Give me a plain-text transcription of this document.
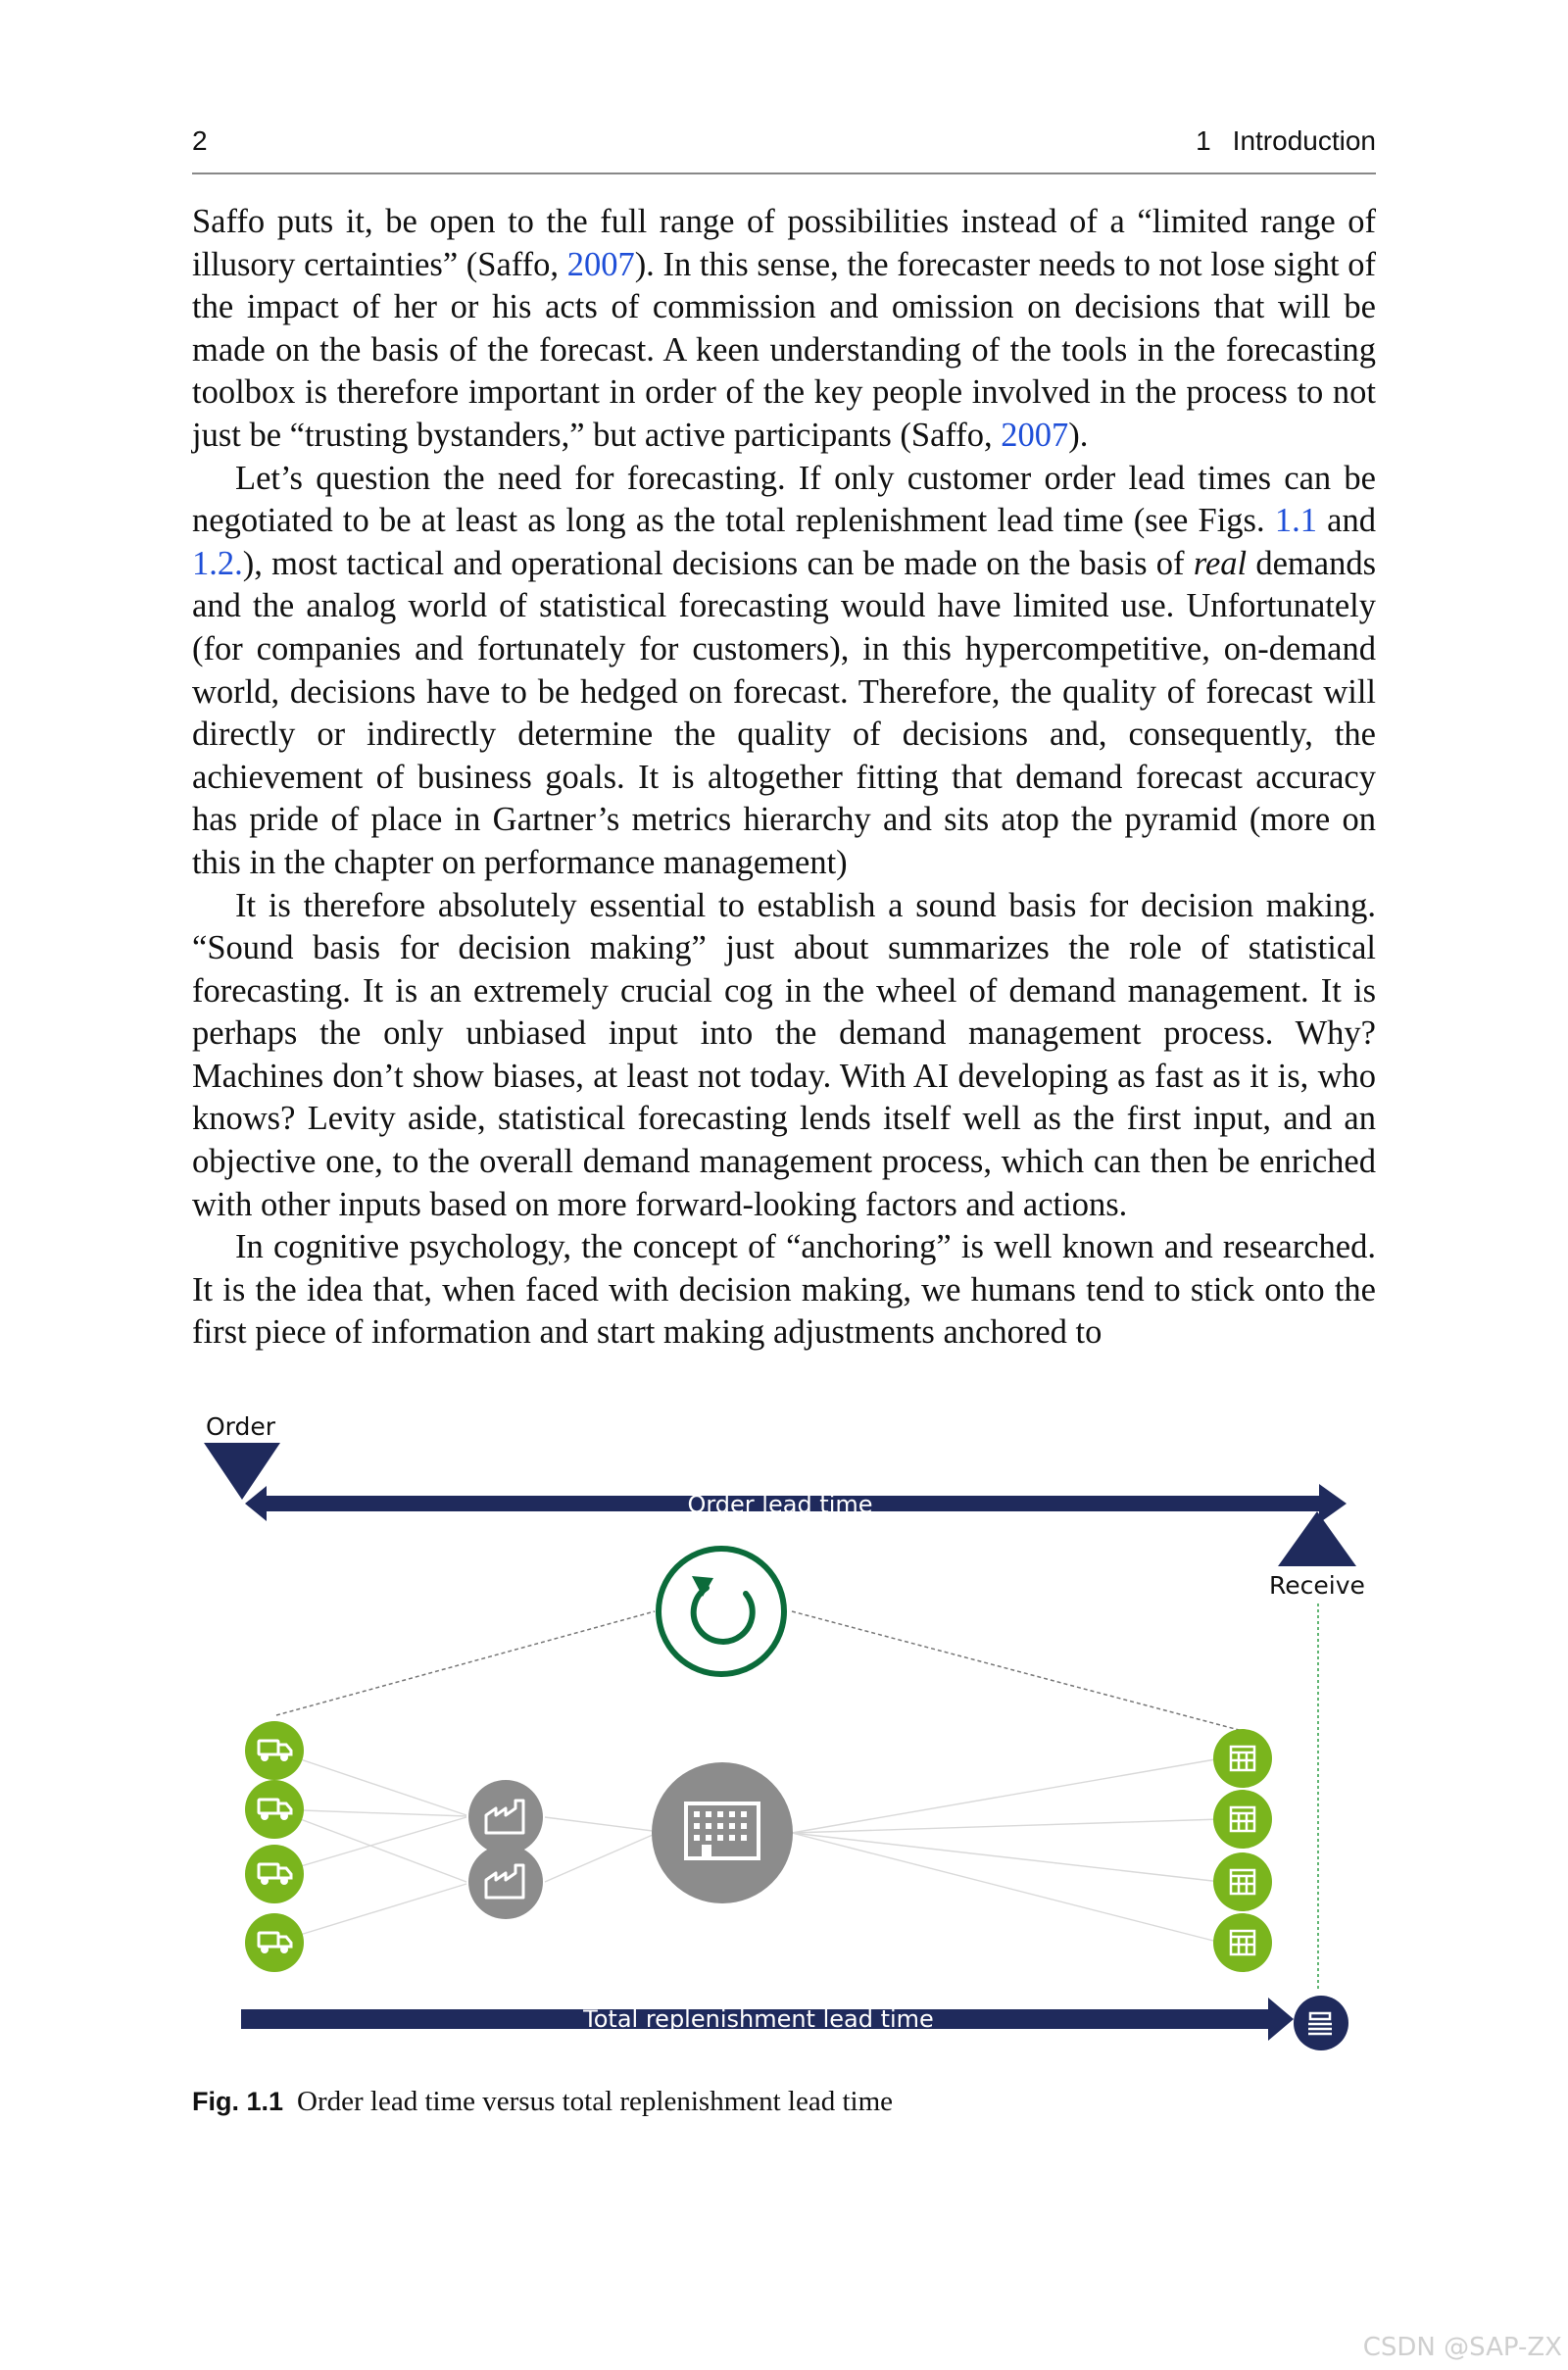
2	1 Introduction

Saffo puts it, be open to the full range of possibilities instead of a “limited range of illusory certainties” (Saffo, 2007). In this sense, the forecaster needs to not lose sight of the impact of her or his acts of commission and omission on decisions that will be made on the basis of the forecast. A keen understanding of the tools in the forecasting toolbox is therefore important in order of the key people involved in the process to not just be “trusting bystanders,” but active participants (Saffo, 2007).

Let’s question the need for forecasting. If only customer order lead times can be negotiated to be at least as long as the total replenishment lead time (see Figs. 1.1 and 1.2.), most tactical and operational decisions can be made on the basis of real demands and the analog world of statistical forecasting would have limited use. Unfortunately (for companies and fortunately for customers), in this hypercompetitive, on-demand world, decisions have to be hedged on forecast. Therefore, the quality of forecast will directly or indirectly determine the quality of decisions and, consequently, the achievement of business goals. It is altogether fitting that demand forecast accuracy has pride of place in Gartner’s metrics hierarchy and sits atop the pyramid (more on this in the chapter on performance management)

It is therefore absolutely essential to establish a sound basis for decision making. “Sound basis for decision making” just about summarizes the role of statistical forecasting. It is an extremely crucial cog in the wheel of demand management. It is perhaps the only unbiased input into the demand management process. Why? Machines don’t show biases, at least not today. With AI developing as fast as it is, who knows? Levity aside, statistical forecasting lends itself well as the first input, and an objective one, to the overall demand management process, which can then be enriched with other inputs based on more forward-looking factors and actions.

In cognitive psychology, the concept of “anchoring” is well known and researched. It is the idea that, when faced with decision making, we humans tend to stick onto the first piece of information and start making adjustments anchored to

Order
Order lead time
Receive
Total replenishment lead time
Fig. 1.1 Order lead time versus total replenishment lead time
CSDN @SAP-ZX
